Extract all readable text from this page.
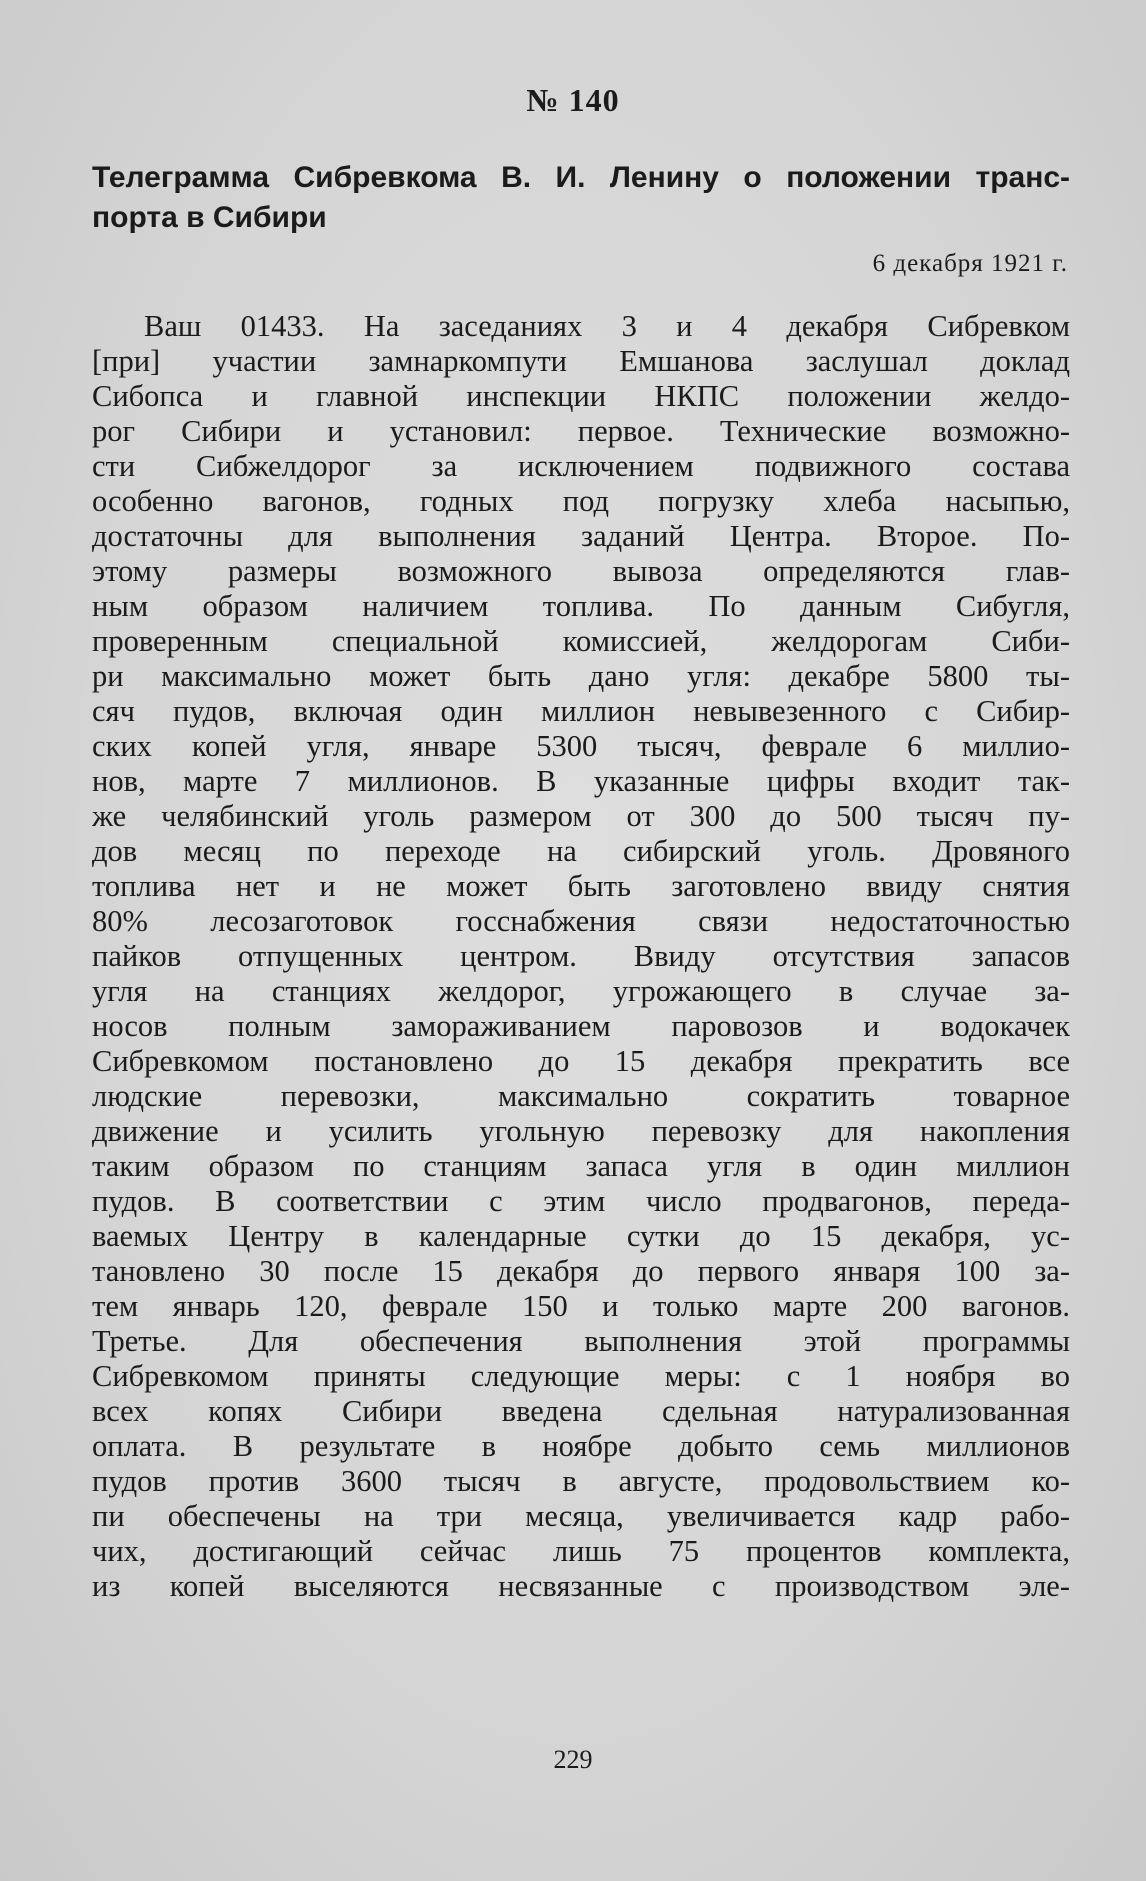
№ 140
Телеграмма Сибревкома В. И. Ленину о положении транс-
порта в Сибири
6 декабря 1921 г.
Ваш 01433. На заседаниях 3 и 4 декабря Сибревком
[при] участии замнаркомпути Емшанова заслушал доклад
Сибопса и главной инспекции НКПС положении желдо-
рог Сибири и установил: первое. Технические возможно-
сти Сибжелдорог за исключением подвижного состава
особенно вагонов, годных под погрузку хлеба насыпью,
достаточны для выполнения заданий Центра. Второе. По-
этому размеры возможного вывоза определяются глав-
ным образом наличием топлива. По данным Сибугля,
проверенным специальной комиссией, желдорогам Сиби-
ри максимально может быть дано угля: декабре 5800 ты-
сяч пудов, включая один миллион невывезенного с Сибир-
ских копей угля, январе 5300 тысяч, феврале 6 миллио-
нов, марте 7 миллионов. В указанные цифры входит так-
же челябинский уголь размером от 300 до 500 тысяч пу-
дов месяц по переходе на сибирский уголь. Дровяного
топлива нет и не может быть заготовлено ввиду снятия
80% лесозаготовок госснабжения связи недостаточностью
пайков отпущенных центром. Ввиду отсутствия запасов
угля на станциях желдорог, угрожающего в случае за-
носов полным замораживанием паровозов и водокачек
Сибревкомом постановлено до 15 декабря прекратить все
людские перевозки, максимально сократить товарное
движение и усилить угольную перевозку для накопления
таким образом по станциям запаса угля в один миллион
пудов. В соответствии с этим число продвагонов, переда-
ваемых Центру в календарные сутки до 15 декабря, ус-
тановлено 30 после 15 декабря до первого января 100 за-
тем январь 120, феврале 150 и только марте 200 вагонов.
Третье. Для обеспечения выполнения этой программы
Сибревкомом приняты следующие меры: с 1 ноября во
всех копях Сибири введена сдельная натурализованная
оплата. В результате в ноябре добыто семь миллионов
пудов против 3600 тысяч в августе, продовольствием ко-
пи обеспечены на три месяца, увеличивается кадр рабо-
чих, достигающий сейчас лишь 75 процентов комплекта,
из копей выселяются несвязанные с производством эле-
229
